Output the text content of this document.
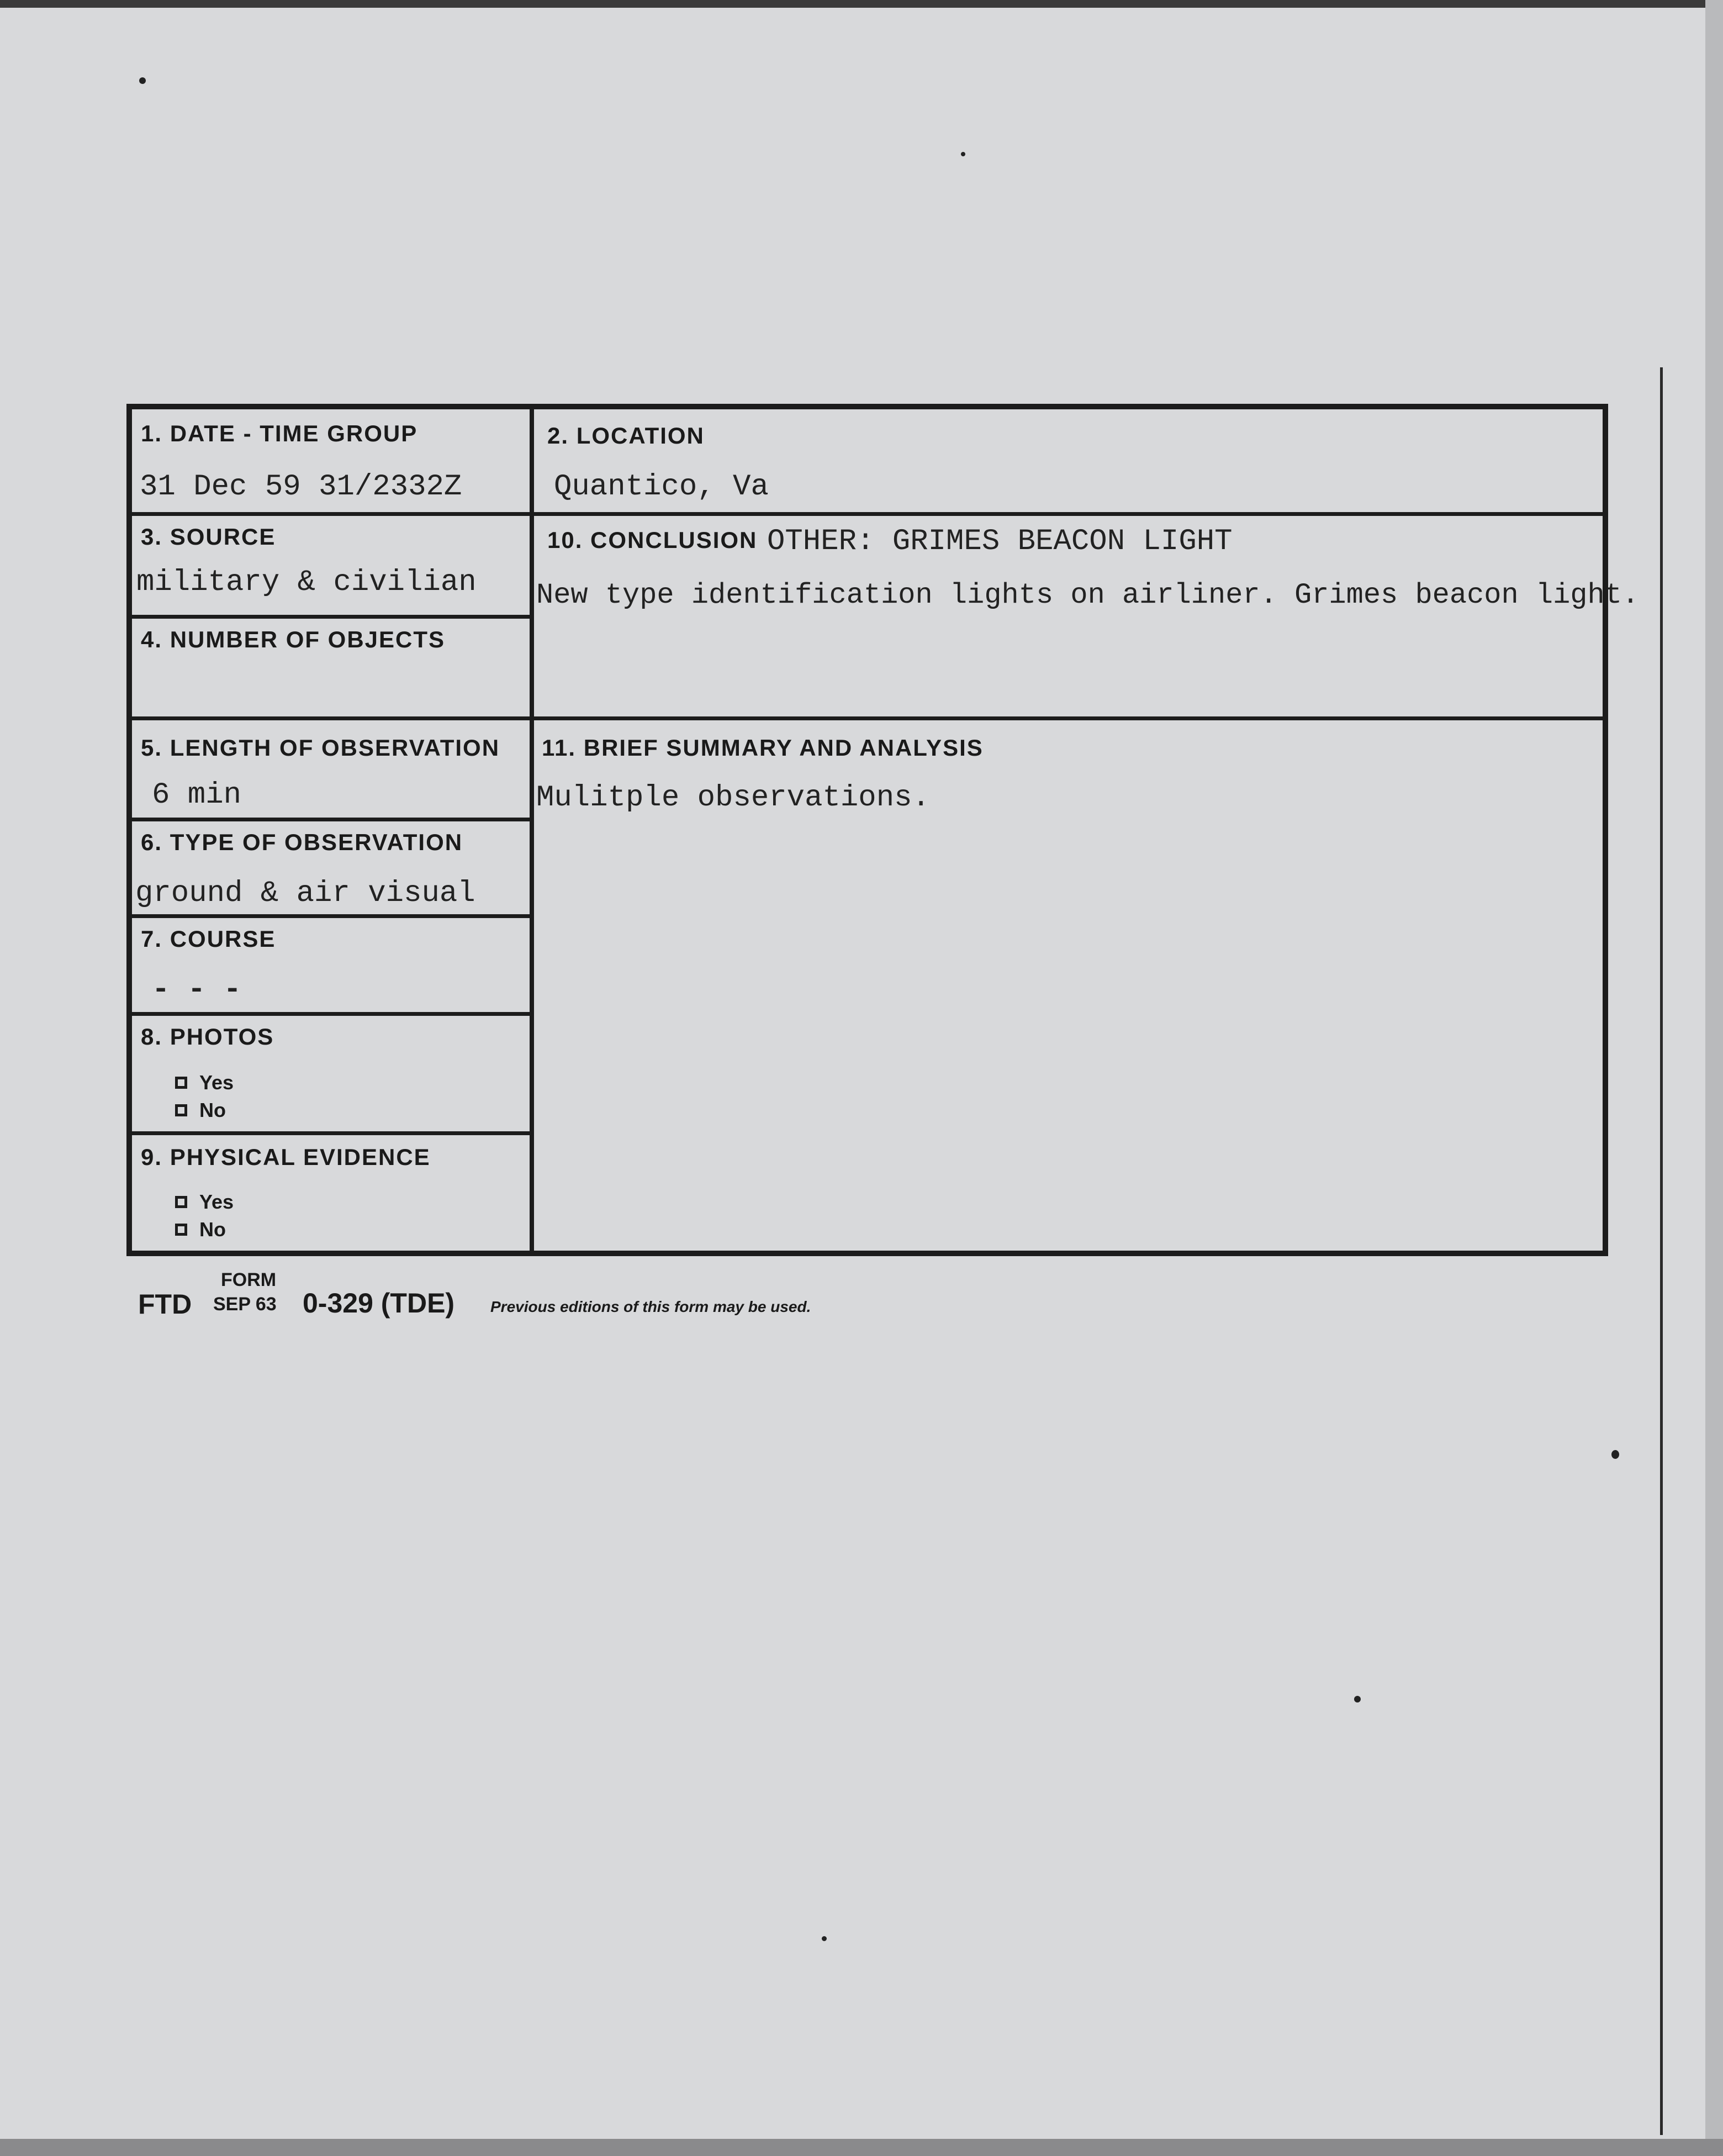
1. DATE - TIME GROUP
31 Dec 59 31/2332Z
3. SOURCE
military & civilian
4. NUMBER OF OBJECTS
5. LENGTH OF OBSERVATION
6 min
6. TYPE OF OBSERVATION
ground & air visual
7. COURSE
- - -
8. PHOTOS
Yes
No
9. PHYSICAL EVIDENCE
Yes
No
2. LOCATION
Quantico, Va
10. CONCLUSION OTHER: GRIMES BEACON LIGHT
New type identification lights on airliner. Grimes beacon light.
11. BRIEF SUMMARY AND ANALYSIS
Mulitple observations.
FORM
FTD SEP 63 0-329 (TDE) Previous editions of this form may be used.
